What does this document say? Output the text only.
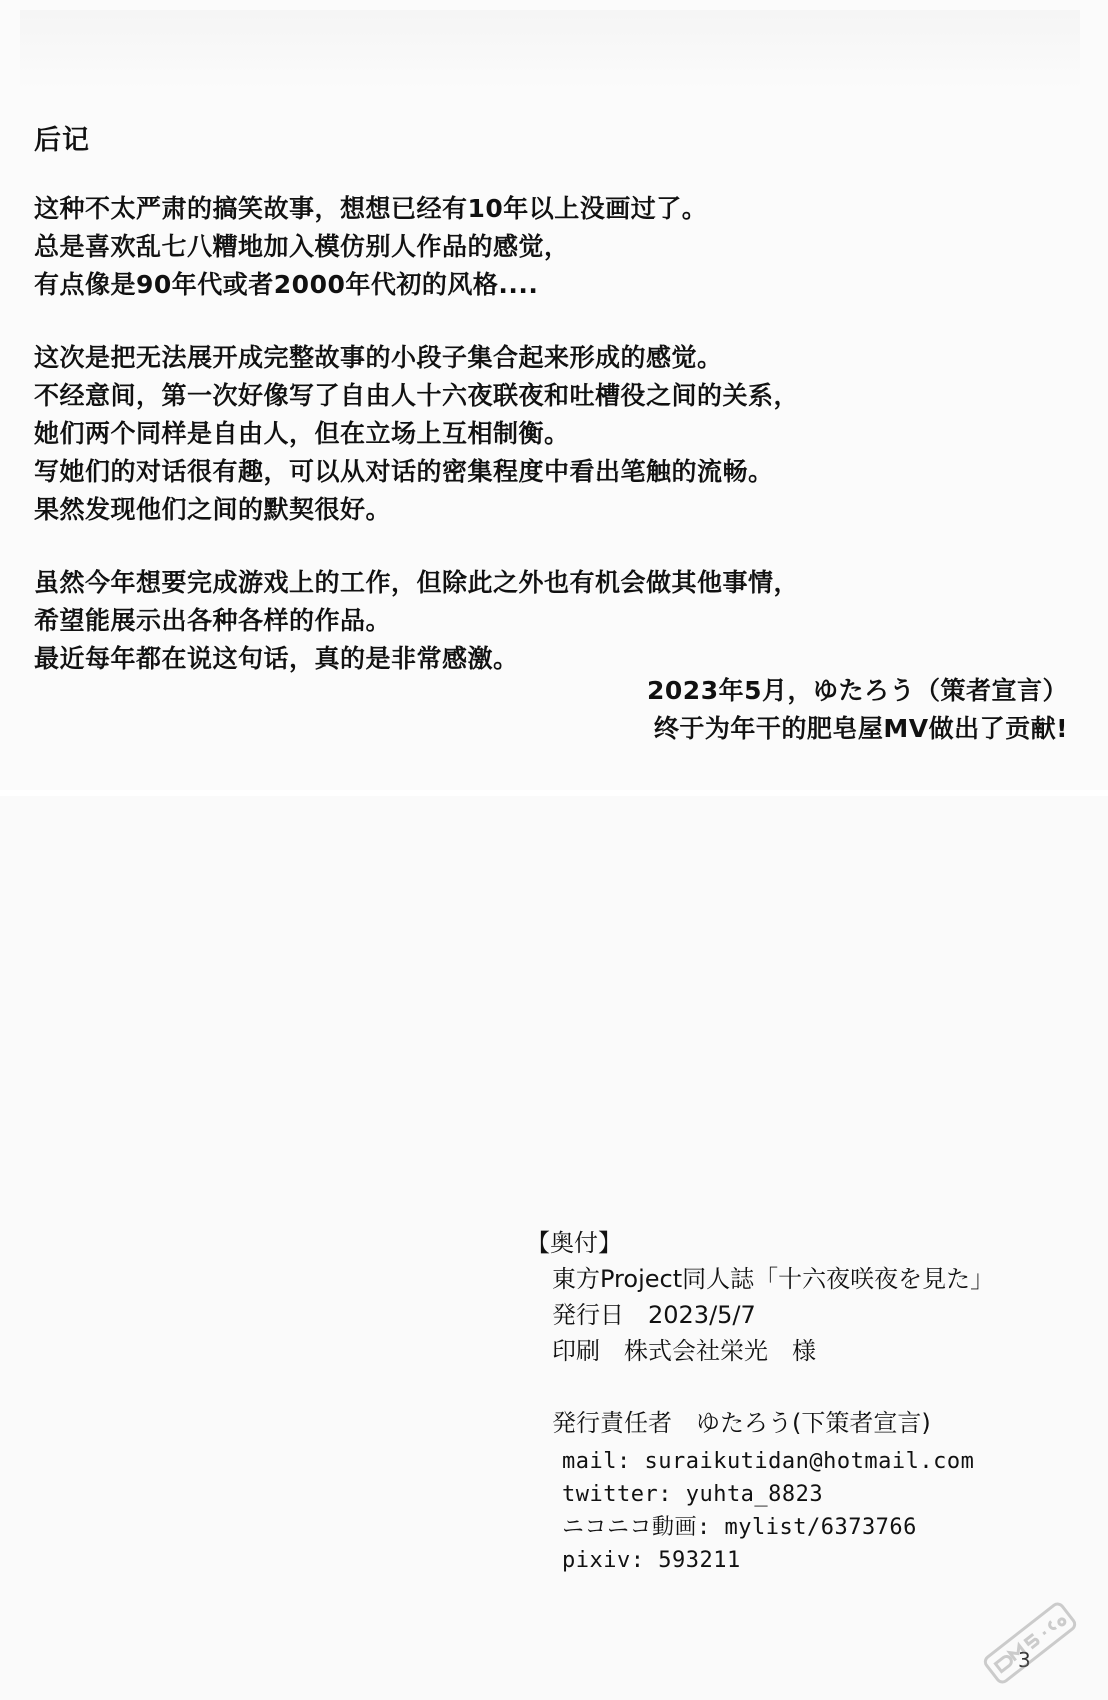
后记
这种不太严肃的搞笑故事，想想已经有10年以上没画过了。
总是喜欢乱七八糟地加入模仿别人作品的感觉，
有点像是90年代或者2000年代初的风格....
这次是把无法展开成完整故事的小段子集合起来形成的感觉。
不经意间，第一次好像写了自由人十六夜联夜和吐槽役之间的关系，
她们两个同样是自由人，但在立场上互相制衡。
写她们的对话很有趣，可以从对话的密集程度中看出笔触的流畅。
果然发现他们之间的默契很好。
虽然今年想要完成游戏上的工作，但除此之外也有机会做其他事情，
希望能展示出各种各样的作品。
最近每年都在说这句话，真的是非常感激。
2023年5月，ゆたろう（策者宣言）
终于为年干的肥皂屋MV做出了贡献!
【奥付】
東方Project同人誌「十六夜咲夜を見た」
発行日　2023/5/7
印刷　株式会社栄光　様
発行責任者　ゆたろう(下策者宣言)
mail: suraikutidan@hotmail.com
twitter: yuhta_8823
ニコニコ動画: mylist/6373766
pixiv: 593211
3
